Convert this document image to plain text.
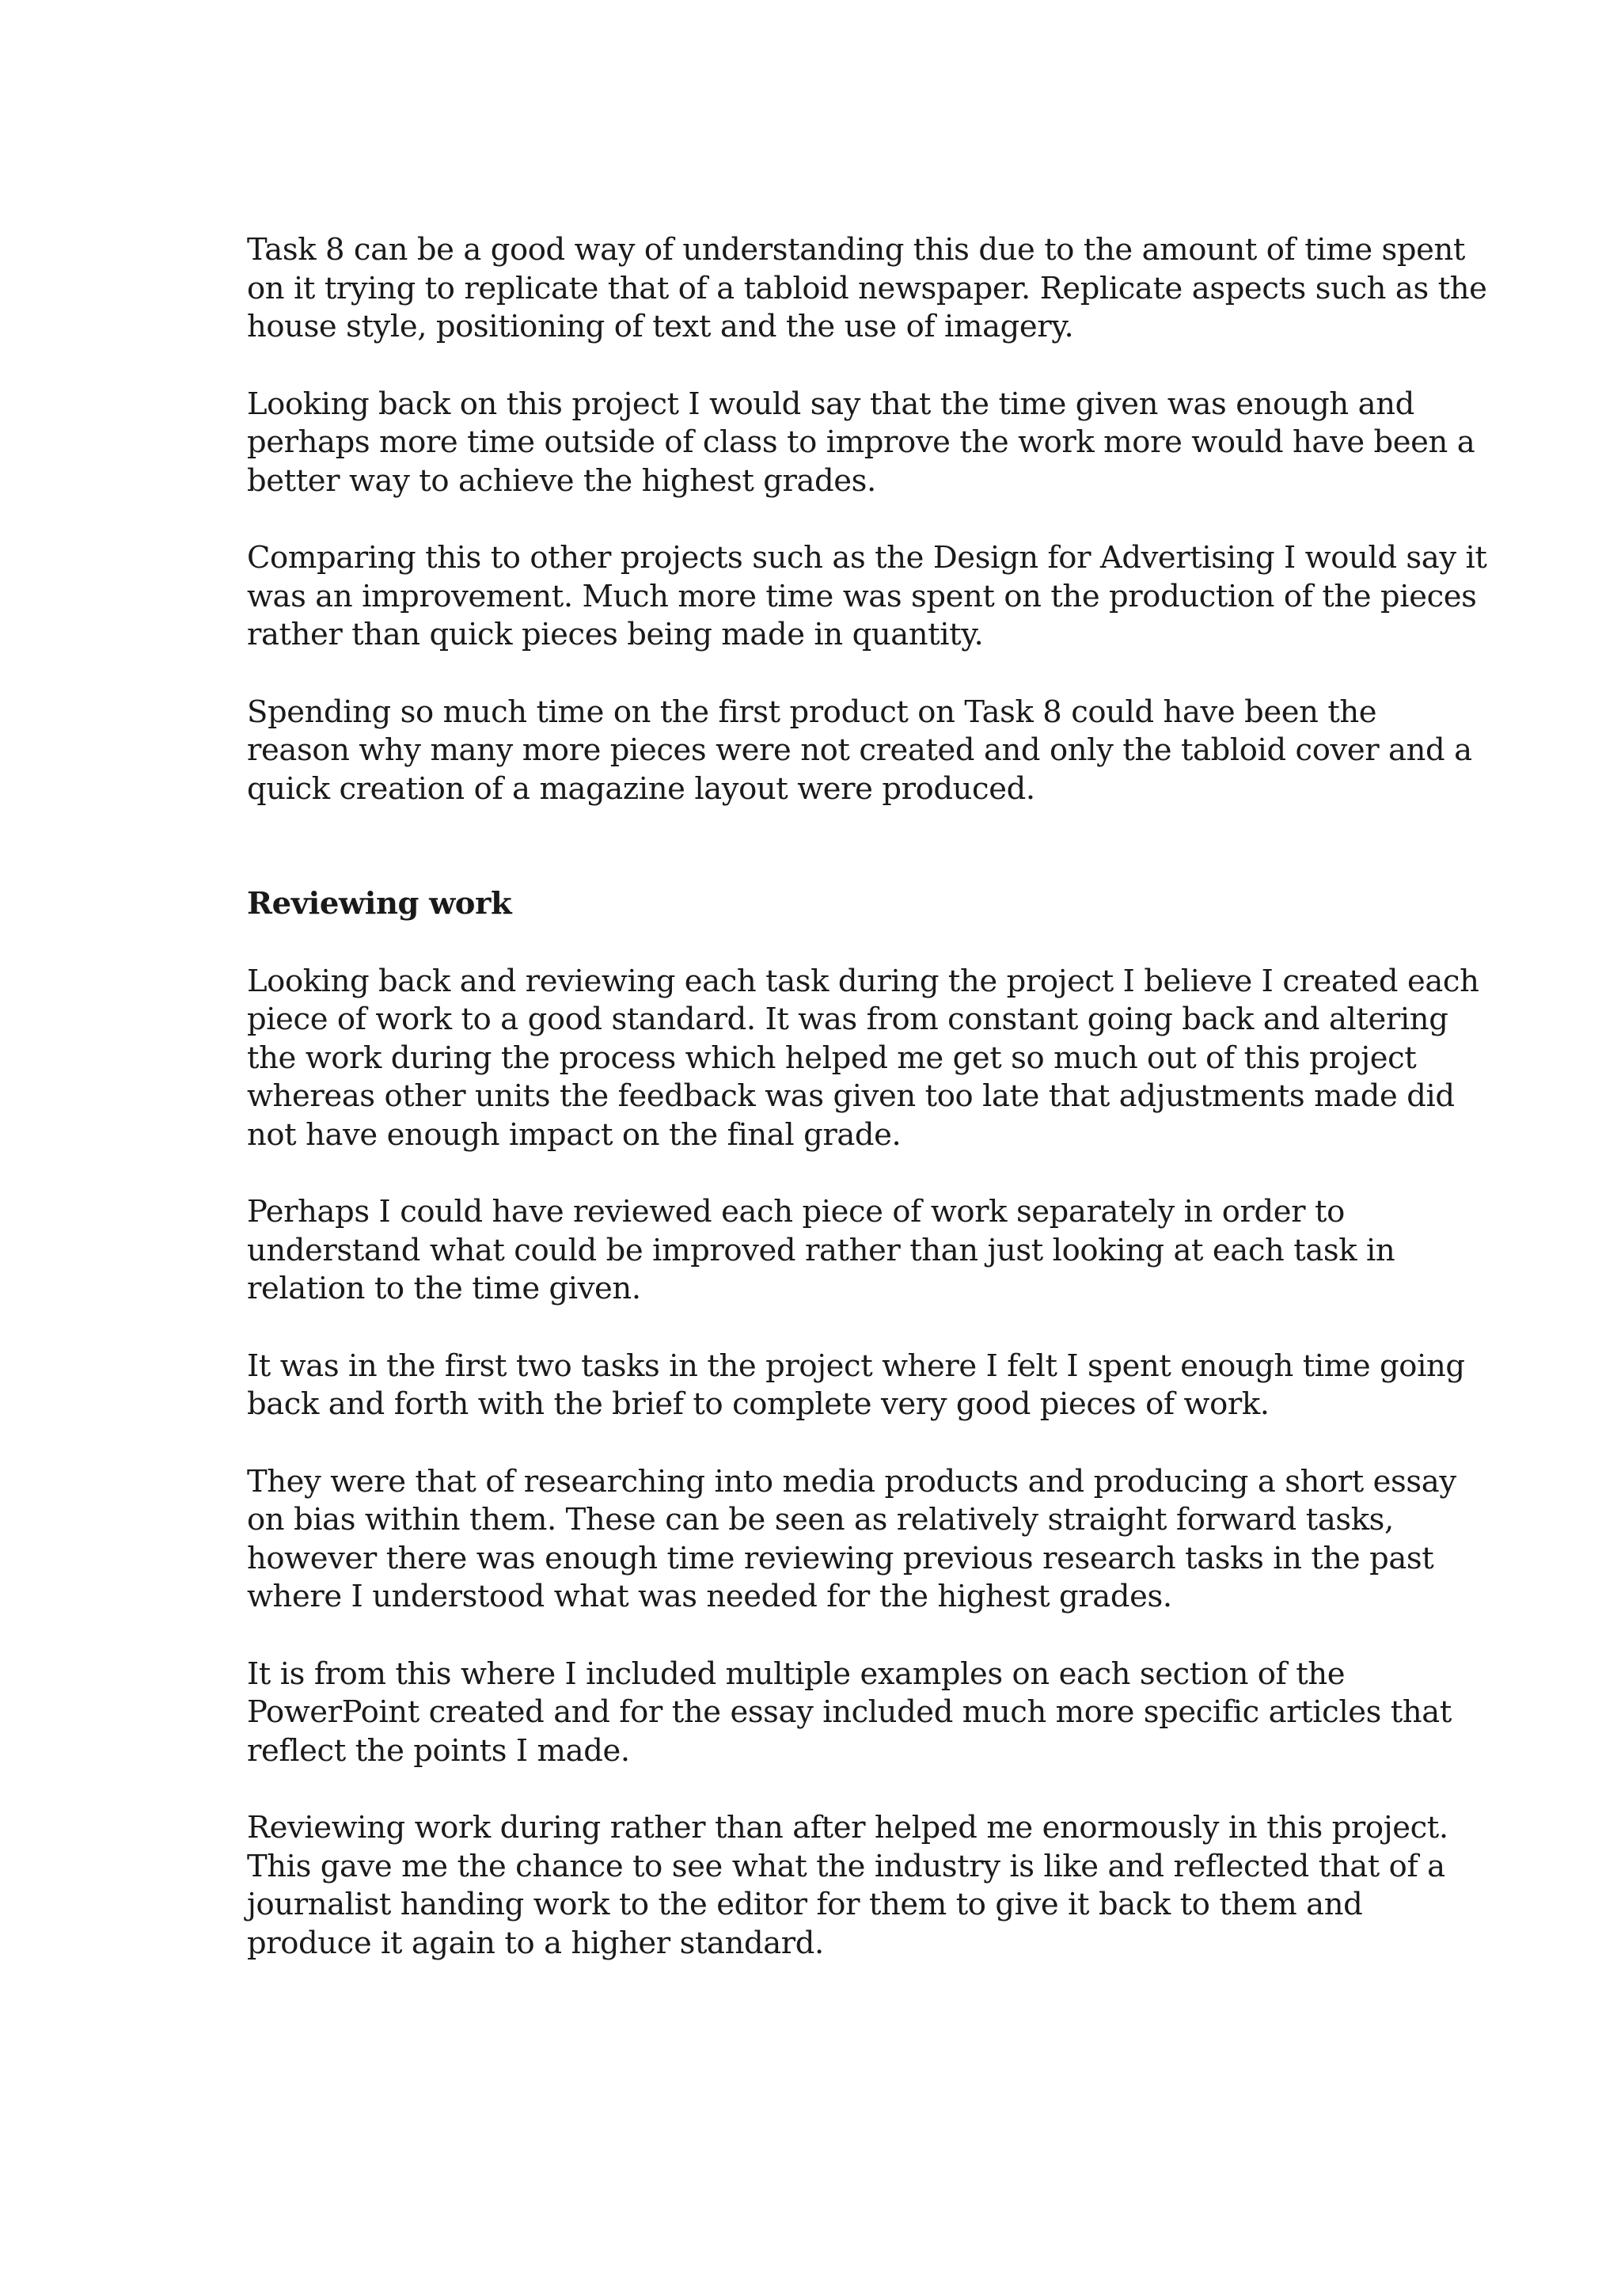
Task 8 can be a good way of understanding this due to the amount of time spent
on it trying to replicate that of a tabloid newspaper. Replicate aspects such as the
house style, positioning of text and the use of imagery.

Looking back on this project I would say that the time given was enough and
perhaps more time outside of class to improve the work more would have been a
better way to achieve the highest grades.

Comparing this to other projects such as the Design for Advertising I would say it
was an improvement. Much more time was spent on the production of the pieces
rather than quick pieces being made in quantity.

Spending so much time on the first product on Task 8 could have been the
reason why many more pieces were not created and only the tabloid cover and a
quick creation of a magazine layout were produced.

Reviewing work

Looking back and reviewing each task during the project I believe I created each
piece of work to a good standard. It was from constant going back and altering
the work during the process which helped me get so much out of this project
whereas other units the feedback was given too late that adjustments made did
not have enough impact on the final grade.

Perhaps I could have reviewed each piece of work separately in order to
understand what could be improved rather than just looking at each task in
relation to the time given.

It was in the first two tasks in the project where I felt I spent enough time going
back and forth with the brief to complete very good pieces of work.

They were that of researching into media products and producing a short essay
on bias within them. These can be seen as relatively straight forward tasks,
however there was enough time reviewing previous research tasks in the past
where I understood what was needed for the highest grades.

It is from this where I included multiple examples on each section of the
PowerPoint created and for the essay included much more specific articles that
reflect the points I made.

Reviewing work during rather than after helped me enormously in this project.
This gave me the chance to see what the industry is like and reflected that of a
journalist handing work to the editor for them to give it back to them and
produce it again to a higher standard.
